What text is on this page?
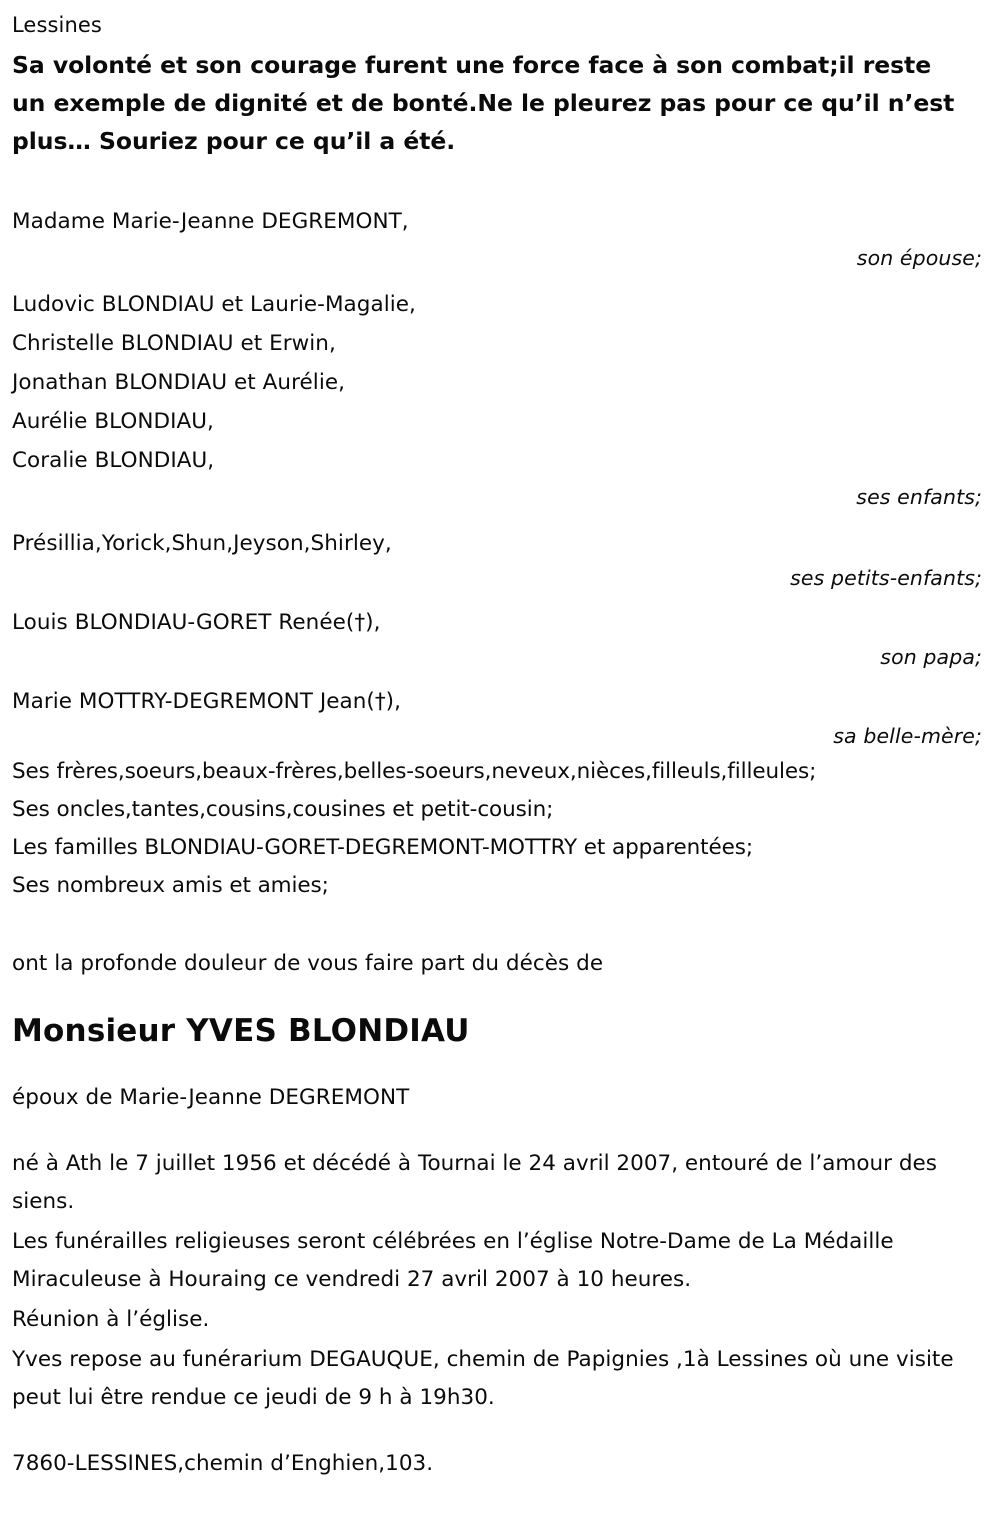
Lessines
Sa volonté et son courage furent une force face à son combat;il reste un exemple de dignité et de bonté.Ne le pleurez pas pour ce qu’il n’est plus… Souriez pour ce qu’il a été.
Madame Marie-Jeanne DEGREMONT,
son épouse;
Ludovic BLONDIAU et Laurie-Magalie,
Christelle BLONDIAU et Erwin,
Jonathan BLONDIAU et Aurélie,
Aurélie BLONDIAU,
Coralie BLONDIAU,
ses enfants;
Présillia,Yorick,Shun,Jeyson,Shirley,
ses petits-enfants;
Louis BLONDIAU-GORET Renée(†),
son papa;
Marie MOTTRY-DEGREMONT Jean(†),
sa belle-mère;
Ses frères,soeurs,beaux-frères,belles-soeurs,neveux,nièces,filleuls,filleules;
Ses oncles,tantes,cousins,cousines et petit-cousin;
Les familles BLONDIAU-GORET-DEGREMONT-MOTTRY et apparentées;
Ses nombreux amis et amies;
ont la profonde douleur de vous faire part du décès de
Monsieur YVES BLONDIAU
époux de Marie-Jeanne DEGREMONT
né à Ath le 7 juillet 1956 et décédé à Tournai le 24 avril 2007, entouré de l’amour des siens.
Les funérailles religieuses seront célébrées en l’église Notre-Dame de La Médaille Miraculeuse à Houraing ce vendredi 27 avril 2007 à 10 heures.
Réunion à l’église.
Yves repose au funérarium DEGAUQUE, chemin de Papignies ,1à Lessines où une visite peut lui être rendue ce jeudi de 9 h à 19h30.
7860-LESSINES,chemin d’Enghien,103.
